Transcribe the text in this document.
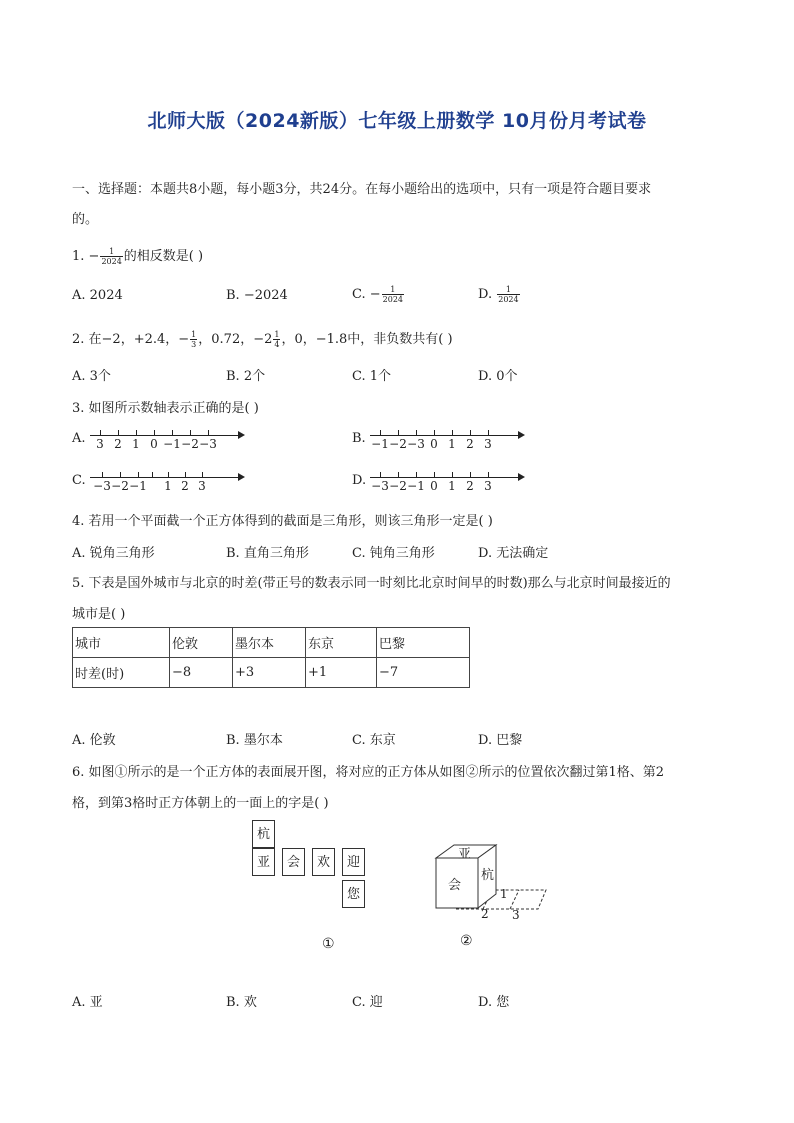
北师大版（2024新版）七年级上册数学 10月份月考试卷
一、选择题：本题共8小题，每小题3分，共24分。在每小题给出的选项中，只有一项是符合题目要求
的。
1. − $\frac{1}{2024}$ 的相反数是( )
A. 2024	B. −2024	C. − $\frac{1}{2024}$	D. $\frac{1}{2024}$
2. 在−2，+2.4，− $\frac{1}{3}$ ，0.72，$-2 \frac{1}{4}$ ，0，−1.8中，非负数共有( )
A. 3个	B. 2个	C. 1个	D. 0个
3. 如图所示数轴表示正确的是( )
A. 3 2 1 0 −1 −2 −3	B. −1 −2 −3 0 1 2 3
C. −3 −2 −1 1 2 3	D. −3 −2 −1 0 1 2 3
4. 若用一个平面截一个正方体得到的截面是三角形，则该三角形一定是( )
A. 锐角三角形	B. 直角三角形	C. 钝角三角形	D. 无法确定
5. 下表是国外城市与北京的时差(带正号的数表示同一时刻比北京时间早的时数)那么与北京时间最接近的
城市是( )
城市	伦敦	墨尔本	东京	巴黎
时差(时)	−8	+3	+1	−7
A. 伦敦	B. 墨尔本	C. 东京	D. 巴黎
6. 如图①所示的是一个正方体的表面展开图，将对应的正方体从如图②所示的位置依次翻过第1格、第2
格，到第3格时正方体朝上的一面上的字是( )
杭
亚	会	欢	迎
您
①
亚
会
杭
1
2 3
②
A. 亚	B. 欢	C. 迎	D. 您
